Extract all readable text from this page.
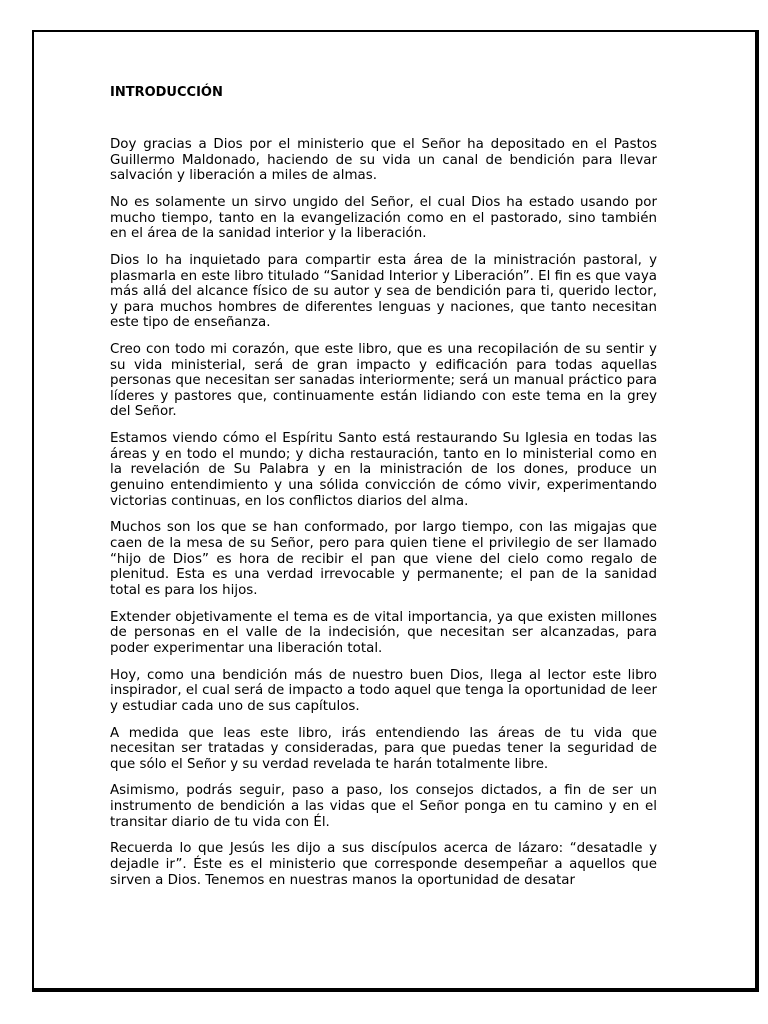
INTRODUCCIÓN

Doy gracias a Dios por el ministerio que el Señor ha depositado en el Pastos Guillermo Maldonado, haciendo de su vida un canal de bendición para llevar salvación y liberación a miles de almas.

No es solamente un sirvo ungido del Señor, el cual Dios ha estado usando por mucho tiempo, tanto en la evangelización como en el pastorado, sino también en el área de la sanidad interior y la liberación.

Dios lo ha inquietado para compartir esta área de la ministración pastoral, y plasmarla en este libro titulado “Sanidad Interior y Liberación”. El fin es que vaya más allá del alcance físico de su autor y sea de bendición para ti, querido lector, y para muchos hombres de diferentes lenguas y naciones, que tanto necesitan este tipo de enseñanza.

Creo con todo mi corazón, que este libro, que es una recopilación de su sentir y su vida ministerial, será de gran impacto y edificación para todas aquellas personas que necesitan ser sanadas interiormente; será un manual práctico para líderes y pastores que, continuamente están lidiando con este tema en la grey del Señor.

Estamos viendo cómo el Espíritu Santo está restaurando Su Iglesia en todas las áreas y en todo el mundo; y dicha restauración, tanto en lo ministerial como en la revelación de Su Palabra y en la ministración de los dones, produce un genuino entendimiento y una sólida convicción de cómo vivir, experimentando victorias continuas, en los conflictos diarios del alma.

Muchos son los que se han conformado, por largo tiempo, con las migajas que caen de la mesa de su Señor, pero para quien tiene el privilegio de ser llamado “hijo de Dios” es hora de recibir el pan que viene del cielo como regalo de plenitud. Esta es una verdad irrevocable y permanente; el pan de la sanidad total es para los hijos.

Extender objetivamente el tema es de vital importancia, ya que existen millones de personas en el valle de la indecisión, que necesitan ser alcanzadas, para poder experimentar una liberación total.

Hoy, como una bendición más de nuestro buen Dios, llega al lector este libro inspirador, el cual será de impacto a todo aquel que tenga la oportunidad de leer y estudiar cada uno de sus capítulos.

A medida que leas este libro, irás entendiendo las áreas de tu vida que necesitan ser tratadas y consideradas, para que puedas tener la seguridad de que sólo el Señor y su verdad revelada te harán totalmente libre.

Asimismo, podrás seguir, paso a paso, los consejos dictados, a fin de ser un instrumento de bendición a las vidas que el Señor ponga en tu camino y en el transitar diario de tu vida con Él.

Recuerda lo que Jesús les dijo a sus discípulos acerca de lázaro: “desatadle y dejadle ir”. Éste es el ministerio que corresponde desempeñar a aquellos que sirven a Dios. Tenemos en nuestras manos la oportunidad de desatar
